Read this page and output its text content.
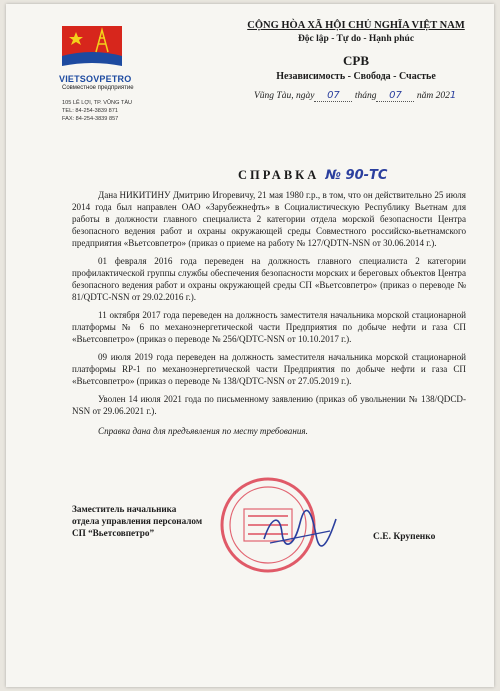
VIETSOVPETRO
Совместное предприятие
105 LÊ LỢI, TP. VŨNG TÀU
TEL: 84-254-3839 871
FAX: 84-254-3839 857
CỘNG HÒA XÃ HỘI CHỦ NGHĨA VIỆT NAM
Độc lập - Tự do - Hạnh phúc
СРВ
Независимость - Свобода - Счастье
Vũng Tàu, ngày 07 tháng 07 năm 2021
СПРАВКА № 90-ТС

Дана НИКИТИНУ Дмитрию Игоревичу, 21 мая 1980 г.р., в том, что он действительно 25 июля 2014 года был направлен ОАО «Зарубежнефть» в Социалистическую Республику Вьетнам для работы в должности главного специалиста 2 категории отдела морской безопасности Центра безопасного ведения работ и охраны окружающей среды Совместного российско-вьетнамского предприятия «Вьетсовпетро» (приказ о приеме на работу № 127/QDTN-NSN от 30.06.2014 г.).

01 февраля 2016 года переведен на должность главного специалиста 2 категории профилактической группы службы обеспечения безопасности морских и береговых объектов Центра безопасного ведения работ и охраны окружающей среды СП «Вьетсовпетро» (приказ о переводе № 81/QDTC-NSN от 29.02.2016 г.).

11 октября 2017 года переведен на должность заместителя начальника морской стационарной платформы № 6 по механоэнергетической части Предприятия по добыче нефти и газа СП «Вьетсовпетро» (приказ о переводе № 256/QDTC-NSN от 10.10.2017 г.).

09 июля 2019 года переведен на должность заместителя начальника морской стационарной платформы RP-1 по механоэнергетической части Предприятия по добыче нефти и газа СП «Вьетсовпетро» (приказ о переводе № 138/QDTC-NSN от 27.05.2019 г.).

Уволен 14 июля 2021 года по письменному заявлению (приказ об увольнении № 138/QDCD-NSN от 29.06.2021 г.).

Справка дана для предъявления по месту требования.

Заместитель начальника
отдела управления персоналом
СП “Вьетсовпетро”	С.Е. Крупенко
